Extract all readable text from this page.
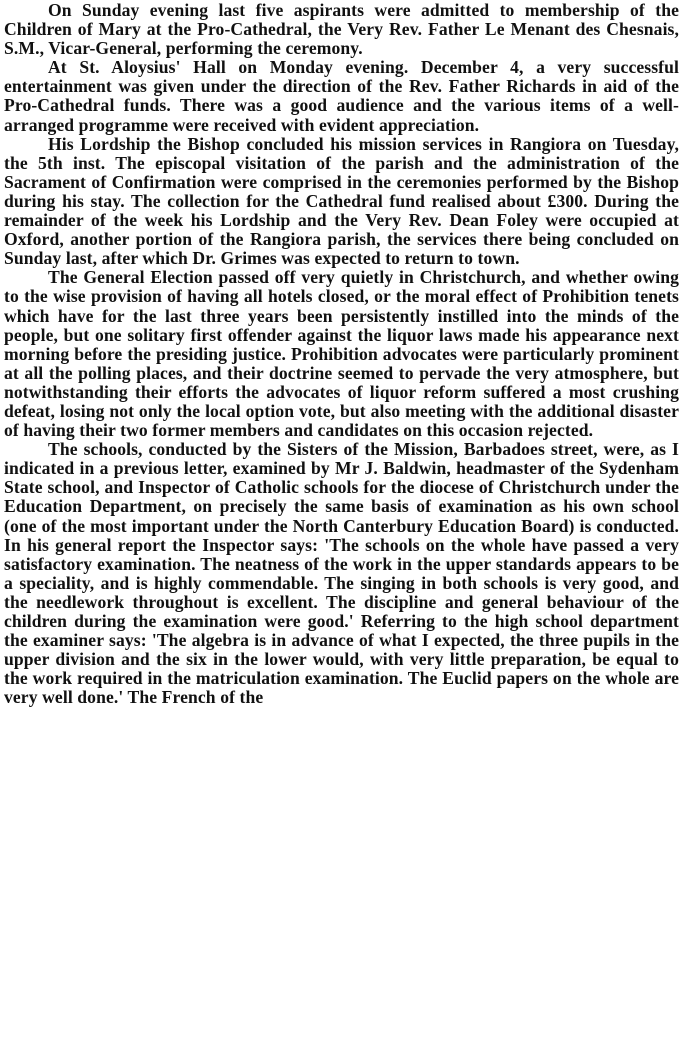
On Sunday evening last five aspirants were admitted to membership of the Children of Mary at the Pro-Cathedral, the Very Rev. Father Le Menant des Chesnais, S.M., Vicar-General, performing the ceremony.

At St. Aloysius' Hall on Monday evening. December 4, a very successful entertainment was given under the direction of the Rev. Father Richards in aid of the Pro-Cathedral funds. There was a good audience and the various items of a well-arranged programme were received with evident appreciation.

His Lordship the Bishop concluded his mission services in Rangiora on Tuesday, the 5th inst. The episcopal visitation of the parish and the administration of the Sacrament of Confirmation were comprised in the ceremonies performed by the Bishop during his stay. The collection for the Cathedral fund realised about £300. During the remainder of the week his Lordship and the Very Rev. Dean Foley were occupied at Oxford, another portion of the Rangiora parish, the services there being concluded on Sunday last, after which Dr. Grimes was expected to return to town.

The General Election passed off very quietly in Christchurch, and whether owing to the wise provision of having all hotels closed, or the moral effect of Prohibition tenets which have for the last three years been persistently instilled into the minds of the people, but one solitary first offender against the liquor laws made his appearance next morning before the presiding justice. Prohibition advocates were particularly prominent at all the polling places, and their doctrine seemed to pervade the very atmosphere, but notwithstanding their efforts the advocates of liquor reform suffered a most crushing defeat, losing not only the local option vote, but also meeting with the additional disaster of having their two former members and candidates on this occasion rejected.

The schools, conducted by the Sisters of the Mission, Barbadoes street, were, as I indicated in a previous letter, examined by Mr J. Baldwin, headmaster of the Sydenham State school, and Inspector of Catholic schools for the diocese of Christchurch under the Education Department, on precisely the same basis of examination as his own school (one of the most important under the North Canterbury Education Board) is conducted. In his general report the Inspector says: 'The schools on the whole have passed a very satisfactory examination. The neatness of the work in the upper standards appears to be a speciality, and is highly commendable. The singing in both schools is very good, and the needlework throughout is excellent. The discipline and general behaviour of the children during the examination were good.' Referring to the high school department the examiner says: 'The algebra is in advance of what I expected, the three pupils in the upper division and the six in the lower would, with very little preparation, be equal to the work required in the matriculation examination. The Euclid papers on the whole are very well done.' The French of the
